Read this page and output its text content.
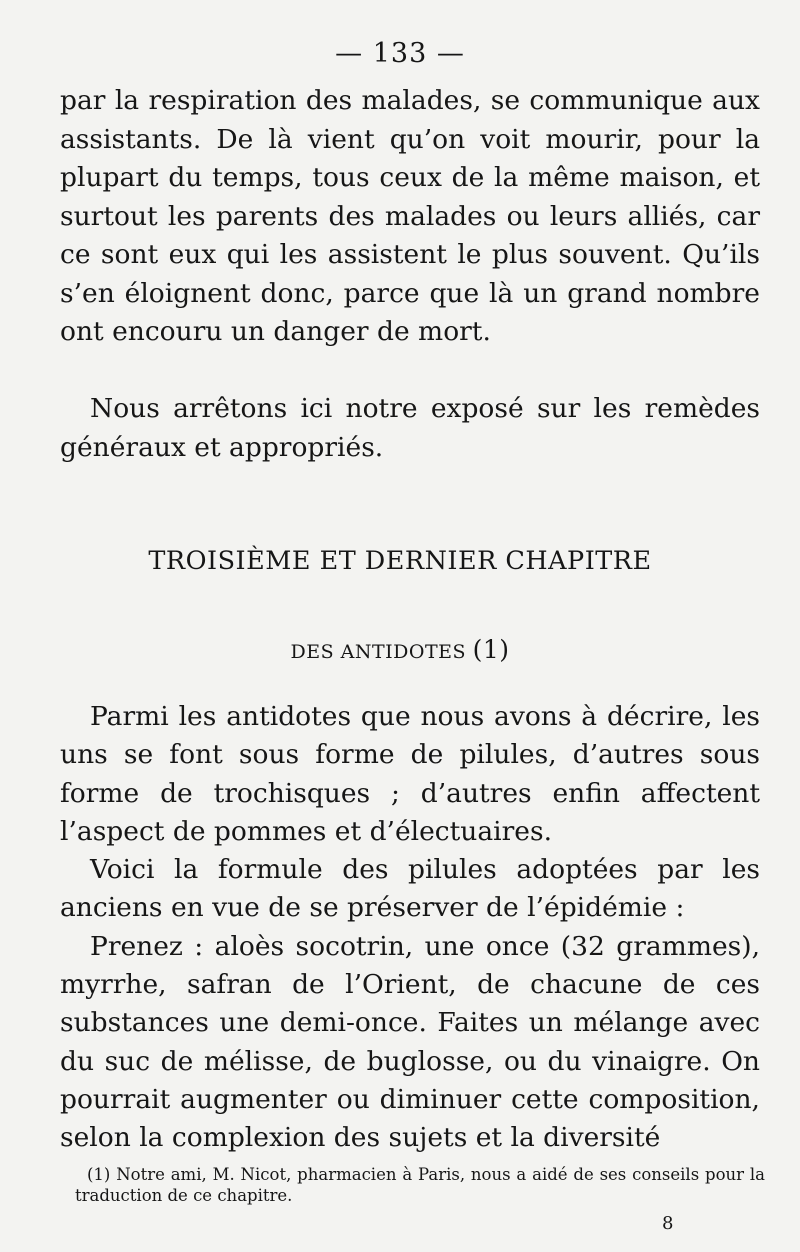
— 133 —

par la respiration des malades, se communique aux assistants. De là vient qu’on voit mourir, pour la plupart du temps, tous ceux de la même maison, et surtout les parents des malades ou leurs alliés, car ce sont eux qui les assistent le plus souvent. Qu’ils s’en éloignent donc, parce que là un grand nombre ont encouru un danger de mort.

Nous arrêtons ici notre exposé sur les remèdes généraux et appropriés.

TROISIÈME ET DERNIER CHAPITRE
DES ANTIDOTES (1)

Parmi les antidotes que nous avons à décrire, les uns se font sous forme de pilules, d’autres sous forme de trochisques ; d’autres enfin affectent l’aspect de pommes et d’électuaires.

Voici la formule des pilules adoptées par les anciens en vue de se préserver de l’épidémie :

Prenez : aloès socotrin, une once (32 grammes), myrrhe, safran de l’Orient, de chacune de ces substances une demi-once. Faites un mélange avec du suc de mélisse, de buglosse, ou du vinaigre. On pourrait augmenter ou diminuer cette composition, selon la complexion des sujets et la diversité

(1) Notre ami, M. Nicot, pharmacien à Paris, nous a aidé de ses conseils pour la traduction de ce chapitre.

8
